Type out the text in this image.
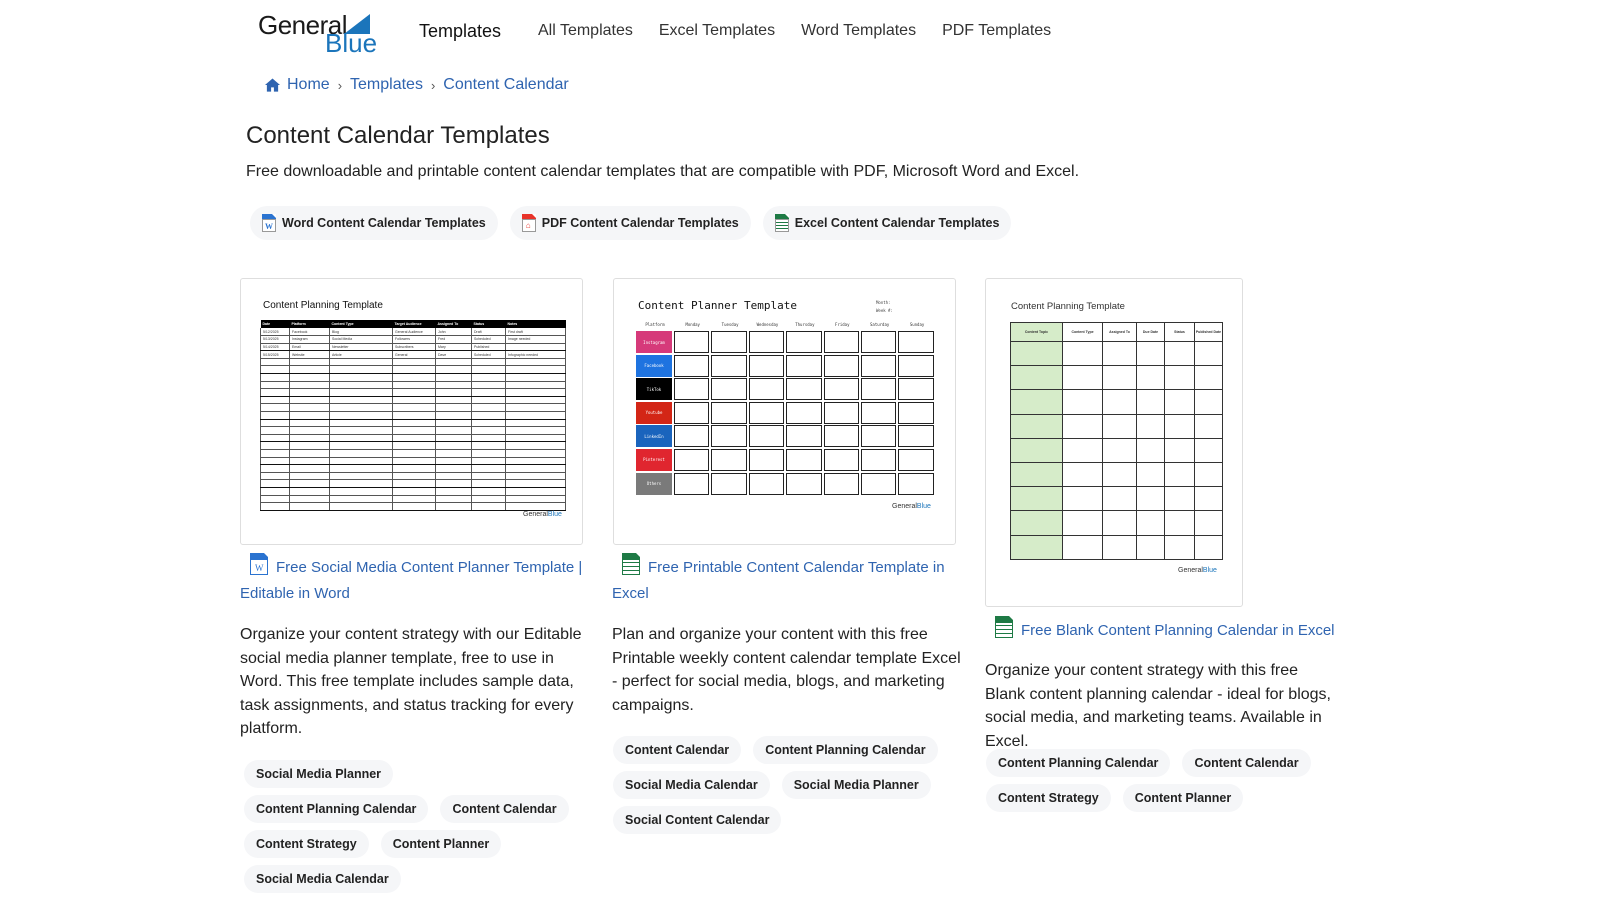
General
Blue Templates All Templates Excel Templates Word Templates PDF Templates
Home › Templates › Content Calendar
Content Calendar Templates

Free downloadable and printable content calendar templates that are compatible with PDF, Microsoft Word and Excel.

W Word Content Calendar Templates	⌂ PDF Content Calendar Templates	Excel Content Calendar Templates
Content Planning Template
Date	Platform	Content Type	Target Audience	Assigned To	Status	Notes
5/12/2025	Facebook	Blog	General Audience	John	Draft	First draft
5/13/2025	Instagram	Social Media	Followers	Fred	Scheduled	Image needed
5/14/2025	Email	Newsletter	Subscribers	Mary	Published	
5/15/2025	Website	Article	General	Dave	Scheduled	Infographic needed

GeneralBlue
W Free Social Media Content Planner Template | Editable in Word

Organize your content strategy with our Editable social media planner template, free to use in Word. This free template includes sample data, task assignments, and status tracking for every platform.

Social Media Planner
Content Planning Calendar	Content Calendar
Content Strategy	Content Planner
Social Media Calendar
Content Planner Template	Month:
Week #:
Platform	Monday	Tuesday	Wednesday	Thursday	Friday	Saturday	Sunday
Instagram
Facebook
TikTok
Youtube
LinkedIn
Pinterest
Others
GeneralBlue
Free Printable Content Calendar Template in Excel

Plan and organize your content with this free Printable weekly content calendar template Excel - perfect for social media, blogs, and marketing campaigns.

Content Calendar	Content Planning Calendar
Social Media Calendar	Social Media Planner
Social Content Calendar
Content Planning Template
Content Topic	Content Type	Assigned To	Due Date	Status	Published Date

GeneralBlue
Free Blank Content Planning Calendar in Excel

Organize your content strategy with this free Blank content planning calendar - ideal for blogs, social media, and marketing teams. Available in Excel.

Content Planning Calendar	Content Calendar
Content Strategy	Content Planner
